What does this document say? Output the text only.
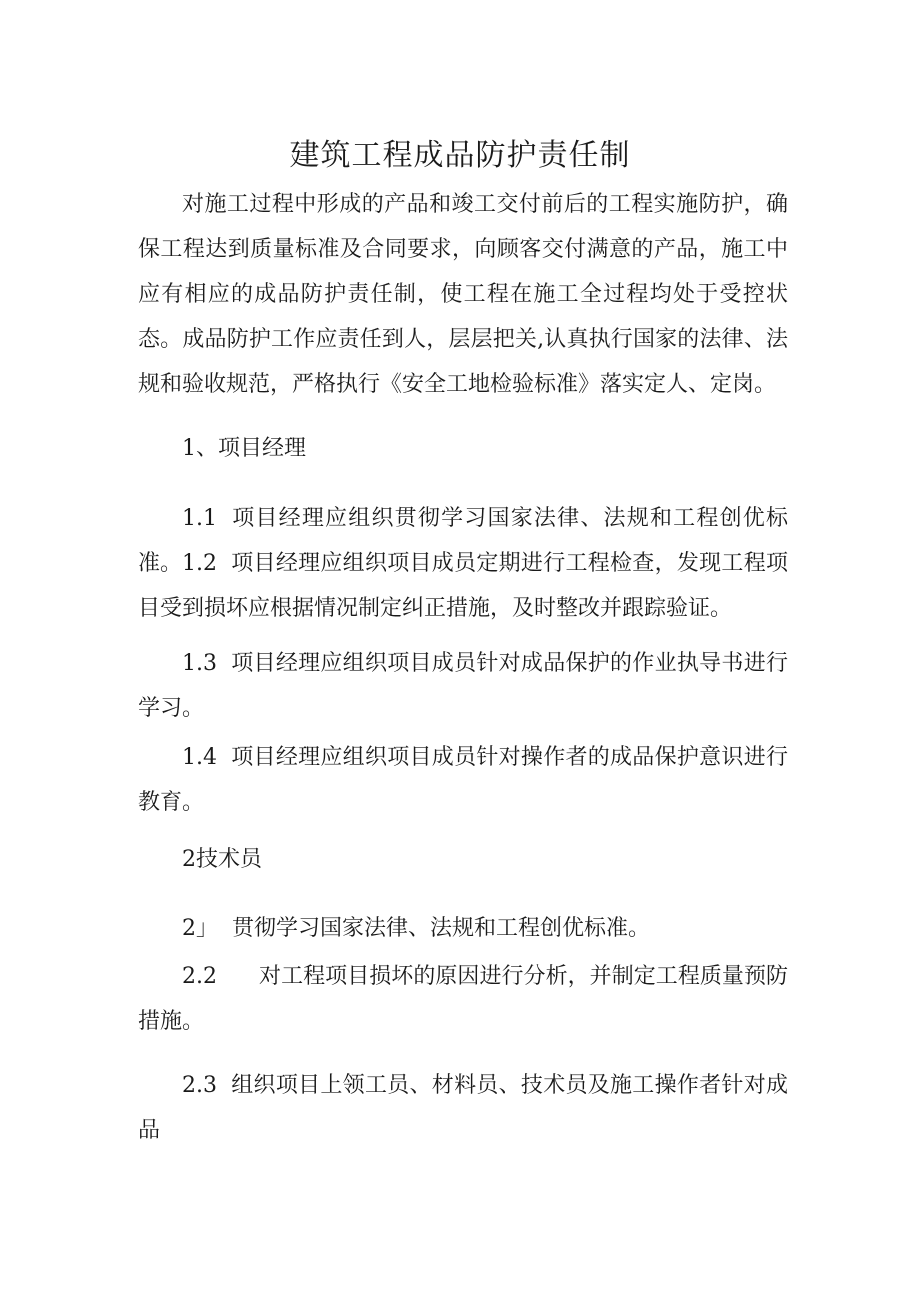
建筑工程成品防护责任制
对施工过程中形成的产品和竣工交付前后的工程实施防护，确保工程达到质量标准及合同要求，向顾客交付满意的产品，施工中应有相应的成品防护责任制，使工程在施工全过程均处于受控状态。成品防护工作应责任到人，层层把关,认真执行国家的法律、法规和验收规范，严格执行《安全工地检验标准》落实定人、定岗。
1、项目经理
1.1 项目经理应组织贯彻学习国家法律、法规和工程创优标准。 1.2 项目经理应组织项目成员定期进行工程检查，发现工程项目受到损坏应根据情况制定纠正措施，及时整改并跟踪验证。
1.3 项目经理应组织项目成员针对成品保护的作业执导书进行学习。
1.4 项目经理应组织项目成员针对操作者的成品保护意识进行教育。
2技术员
2」 贯彻学习国家法律、法规和工程创优标准。
2.2 对工程项目损坏的原因进行分析，并制定工程质量预防措施。
2.3 组织项目上领工员、材料员、技术员及施工操作者针对成品
